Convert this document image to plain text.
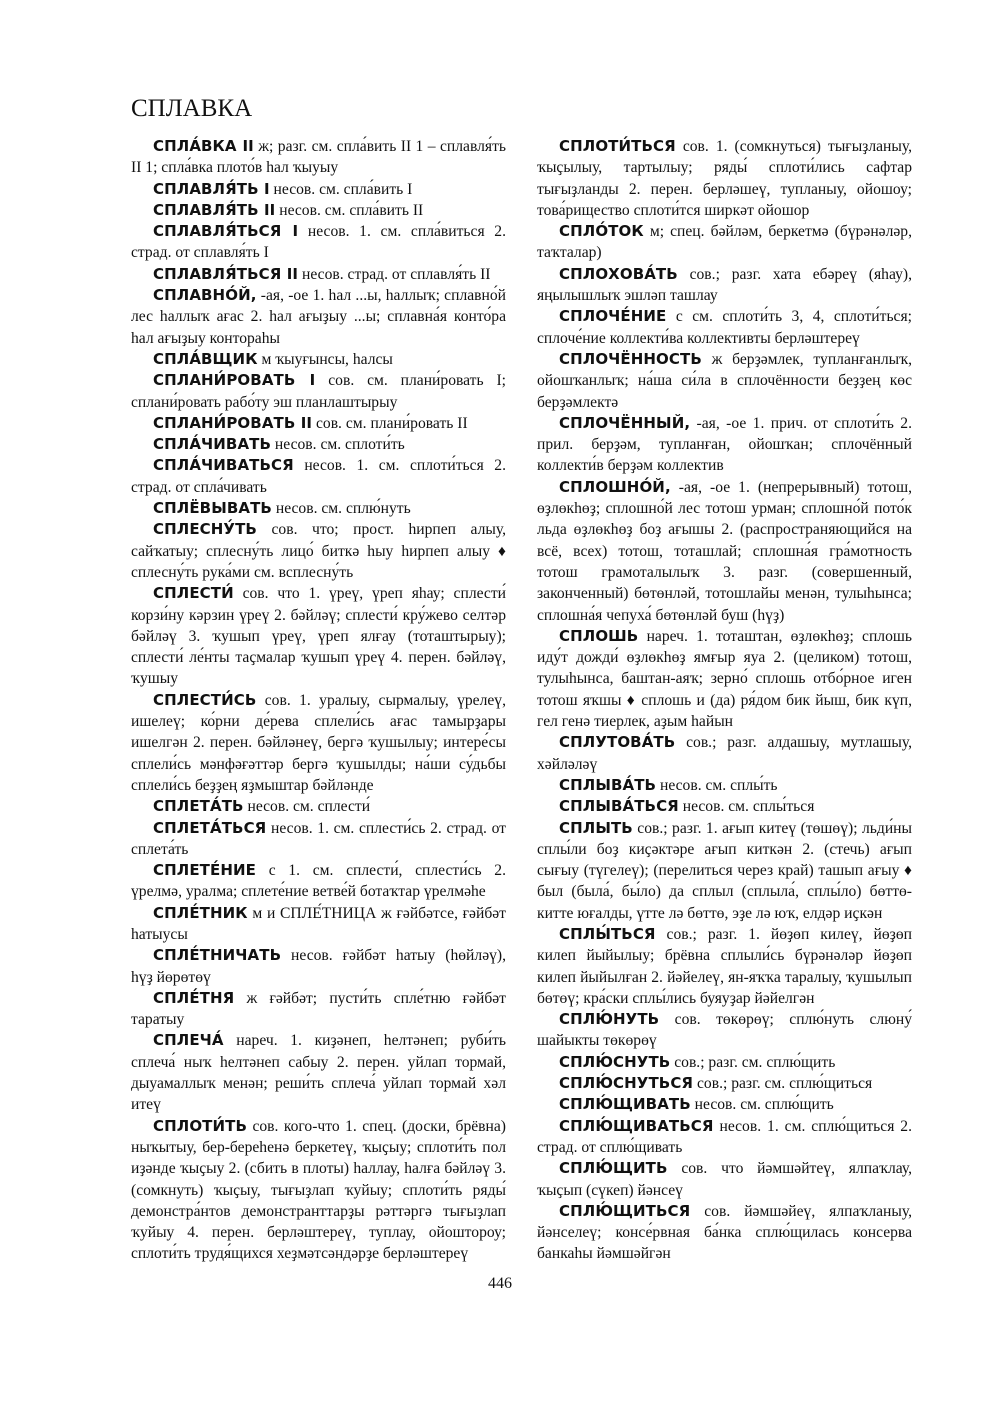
СПЛАВКА

СПЛА́ВКА II ж; разг. см. спла́вить II 1 – сплавля́ть II 1; спла́вка плото́в һал ҡыуыу

СПЛАВЛЯ́ТЬ I несов. см. спла́вить I

СПЛАВЛЯ́ТЬ II несов. см. спла́вить II

СПЛАВЛЯ́ТЬСЯ I несов. 1. см. спла́виться 2. страд. от сплавля́ть I

СПЛАВЛЯ́ТЬСЯ II несов. страд. от сплавля́ть II

СПЛАВНО́Й, -ая, -ое 1. һал ...ы, һаллыҡ; сплавно́й лес һаллыҡ ағас 2. һал ағыҙыу ...ы; сплавна́я конто́ра һал ағыҙыу контораһы

СПЛА́ВЩИК м ҡыуғынсы, һалсы

СПЛАНИ́РОВАТЬ I сов. см. плани́ровать I; сплани́ровать рабо́ту эш планлаштырыу

СПЛАНИ́РОВАТЬ II сов. см. плани́ровать II

СПЛА́ЧИВАТЬ несов. см. сплоти́ть

СПЛА́ЧИВАТЬСЯ несов. 1. см. сплоти́ться 2. страд. от спла́чивать

СПЛЁВЫВАТЬ несов. см. сплю́нуть

СПЛЕСНУ́ТЬ сов. что; прост. һирпеп алыу, сайҡатыу; сплесну́ть лицо́ биткә һыу һирпеп алыу ♦ сплесну́ть рука́ми см. всплесну́ть

СПЛЕСТИ́ сов. что 1. үреү, үреп яһау; сплести́ корзи́ну кәрзин үреү 2. бәйләү; сплести́ кру́жево селтәр бәйләү 3. ҡушып үреү, үреп ялғау (тоташтырыу); сплести́ ле́нты таҫмалар ҡушып үреү 4. перен. бәйләү, ҡушыу

СПЛЕСТИ́СЬ сов. 1. уралыу, сырмалыу, үрелеү, ишелеү; ко́рни де́рева сплели́сь ағас тамырҙары ишелгән 2. перен. бәйләнеү, бергә ҡушылыу; интере́сы сплели́сь мәнфәғәттәр бергә ҡушылды; на́ши су́дьбы сплели́сь беҙҙең яҙмыштар бәйләнде

СПЛЕТА́ТЬ несов. см. сплести́

СПЛЕТА́ТЬСЯ несов. 1. см. сплести́сь 2. страд. от сплета́ть

СПЛЕТЕ́НИЕ с 1. см. сплести́, сплести́сь 2. үрелмә, уралма; сплете́ние ветве́й ботаҡтар үрелмәһе

СПЛЕ́ТНИК м и СПЛЕ́ТНИЦА ж ғәйбәтсе, ғәйбәт һатыусы

СПЛЕ́ТНИЧАТЬ несов. ғәйбәт һатыу (һөйләү), һүҙ йөрөтөү

СПЛЕ́ТНЯ ж ғәйбәт; пусти́ть спле́тню ғәйбәт таратыу

СПЛЕЧА́ нареч. 1. киҙәнеп, һелтәнеп; руби́ть сплеча́ ныҡ һелтәнеп сабыу 2. перен. уйлап тормай, дыуамаллыҡ менән; реши́ть сплеча́ уйлап тормай хәл итеү

СПЛОТИ́ТЬ сов. кого-что 1. спец. (доски, брёвна) ныҡытыу, бер-береһенә беркетеү, ҡыҫыу; сплоти́ть пол иҙәнде ҡыҫыу 2. (сбить в плоты) һаллау, һалға бәйләү 3. (сомкнуть) ҡыҫыу, тығыҙлап ҡуйыу; сплоти́ть ряды́ демонстра́нтов демонстранттарҙы рәттәргә тығыҙлап ҡуйыу 4. перен. берләштереү, туплау, ойоштороу; сплоти́ть трудя́щихся хеҙмәтсәндәрҙе берләштереү

СПЛОТИ́ТЬСЯ сов. 1. (сомкнуться) тығыҙланыу, ҡыҫылыу, тартылыу; ряды́ сплоти́лись сафтар тығыҙланды 2. перен. берләшеү, тупланыу, ойошоу; това́рищество сплоти́тся ширкәт ойошор

СПЛО́ТОК м; спец. бәйләм, беркетмә (бүрәнәләр, таҡталар)

СПЛОХОВА́ТЬ сов.; разг. хата ебәреү (яһау), яңылышлыҡ эшләп ташлау

СПЛОЧЕ́НИЕ с см. сплоти́ть 3, 4, сплоти́ться; сплоче́ние коллекти́ва коллективты берләштереү

СПЛОЧЁННОСТЬ ж берҙәмлек, тупланғанлыҡ, ойошҡанлыҡ; на́ша си́ла в сплочённости беҙҙең көс берҙәмлектә

СПЛОЧЁННЫЙ, -ая, -ое 1. прич. от сплоти́ть 2. прил. берҙәм, тупланған, ойошҡан; сплочённый коллекти́в берҙәм коллектив

СПЛОШНО́Й, -ая, -ое 1. (непрерывный) тотош, өҙлөкһөҙ; сплошно́й лес тотош урман; сплошно́й пото́к льда өҙлөкһөҙ боҙ ағышы 2. (распространяющийся на всё, всех) тотош, тоташлай; сплошна́я гра́мотность тотош грамоталылыҡ 3. разг. (совершенный, законченный) бөтөнләй, тотошлайы менән, тулыһынса; сплошна́я чепуха́ бөтөнләй буш (һүҙ)

СПЛОШЬ нареч. 1. тоташтан, өҙлөкһөҙ; сплошь иду́т дожди́ өҙлөкһөҙ ямғыр яуа 2. (целиком) тотош, тулыһынса, баштан-аяҡ; зерно́ сплошь отбо́рное иген тотош яҡшы ♦ сплошь и (да) ря́дом бик йыш, бик күп, гел генә тиерлек, аҙым һайын

СПЛУТОВА́ТЬ сов.; разг. алдашыу, мутлашыу, хәйләләү

СПЛЫВА́ТЬ несов. см. сплы́ть

СПЛЫВА́ТЬСЯ несов. см. сплы́ться

СПЛЫТЬ сов.; разг. 1. ағып китеү (төшөү); льди́ны сплы́ли боҙ киҫәктәре ағып киткән 2. (стечь) ағып сығыу (түгелеү); (перелиться через край) ташып ағыу ♦ был (была́, бы́ло) да сплыл (сплыла́, сплы́ло) бөттө-китте юғалды, үтте лә бөттө, эҙе лә юҡ, елдәр иҫкән

СПЛЫ́ТЬСЯ сов.; разг. 1. йөҙөп килеү, йөҙөп килеп йыйылыу; брёвна сплыли́сь бүрәнәләр йөҙөп килеп йыйылған 2. йәйелеү, ян-яҡҡа таралыу, ҡушылып бөтөү; кра́ски сплы́лись буяуҙар йәйелгән

СПЛЮ́НУТЬ сов. төкөрөү; сплю́нуть слюну́ шайыкты төкөрөү

СПЛЮ́СНУТЬ сов.; разг. см. сплю́щить

СПЛЮ́СНУТЬСЯ сов.; разг. см. сплю́щиться

СПЛЮ́ЩИВАТЬ несов. см. сплю́щить

СПЛЮ́ЩИВАТЬСЯ несов. 1. см. сплю́щиться 2. страд. от сплю́щивать

СПЛЮ́ЩИТЬ сов. что йәмшәйтеү, ялпаҡлау, ҡыҫып (сүкеп) йәнсеү

СПЛЮ́ЩИТЬСЯ сов. йәмшәйеү, ялпаҡланыу, йәнселеү; консе́рвная ба́нка сплю́щилась консерва банкаһы йәмшәйгән

446
